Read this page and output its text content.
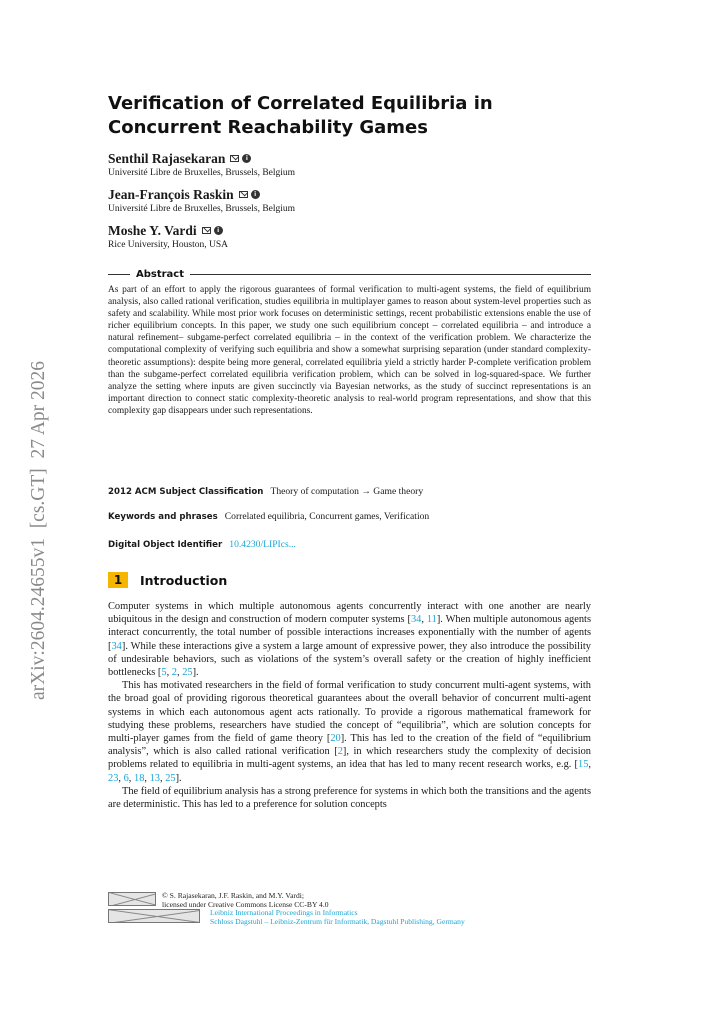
arXiv:2604.24655v1  [cs.GT]  27 Apr 2026
Verification of Correlated Equilibria in Concurrent Reachability Games
Senthil Rajasekaran	i
Université Libre de Bruxelles, Brussels, Belgium
Jean-François Raskin	i
Université Libre de Bruxelles, Brussels, Belgium
Moshe Y. Vardi	i
Rice University, Houston, USA
Abstract

As part of an effort to apply the rigorous guarantees of formal verification to multi-agent systems, the field of equilibrium analysis, also called rational verification, studies equilibria in multiplayer games to reason about system-level properties such as safety and scalability. While most prior work focuses on deterministic settings, recent probabilistic extensions enable the use of richer equilibrium concepts. In this paper, we study one such equilibrium concept – correlated equilibria – and introduce a natural refinement– subgame-perfect correlated equilibria – in the context of the verification problem. We characterize the computational complexity of verifying such equilibria and show a somewhat surprising separation (under standard complexity-theoretic assumptions): despite being more general, correlated equilibria yield a strictly harder P-complete verification problem than the subgame-perfect correlated equilibria verification problem, which can be solved in log-squared-space. We further analyze the setting where inputs are given succinctly via Bayesian networks, as the study of succinct representations is an important direction to connect static complexity-theoretic analysis to real-world program representations, and show that this complexity gap disappears under such representations.

2012 ACM Subject Classification Theory of computation → Game theory
Keywords and phrases Correlated equilibria, Concurrent games, Verification
Digital Object Identifier 10.4230/LIPIcs...
1	Introduction

Computer systems in which multiple autonomous agents concurrently interact with one another are nearly ubiquitous in the design and construction of modern computer systems [34, 11]. When multiple autonomous agents interact concurrently, the total number of possible interactions increases exponentially with the number of agents [34]. While these interactions give a system a large amount of expressive power, they also introduce the possibility of undesirable behaviors, such as violations of the system’s overall safety or the creation of highly inefficient bottlenecks [5, 2, 25].

This has motivated researchers in the field of formal verification to study concurrent multi-agent systems, with the broad goal of providing rigorous theoretical guarantees about the overall behavior of concurrent multi-agent systems in which each autonomous agent acts rationally. To provide a rigorous mathematical framework for studying these problems, researchers have studied the concept of “equilibria”, which are solution concepts for multi-player games from the field of game theory [20]. This has led to the creation of the field of “equilibrium analysis”, which is also called rational verification [2], in which researchers study the complexity of decision problems related to equilibria in multi-agent systems, an idea that has led to many recent research works, e.g. [15, 23, 6, 18, 13, 25].

The field of equilibrium analysis has a strong preference for systems in which both the transitions and the agents are deterministic. This has led to a preference for solution concepts

© S. Rajasekaran, J.F. Raskin, and M.Y. Vardi;
licensed under Creative Commons License CC-BY 4.0
Leibniz International Proceedings in Informatics
Schloss Dagstuhl – Leibniz-Zentrum für Informatik, Dagstuhl Publishing, Germany
